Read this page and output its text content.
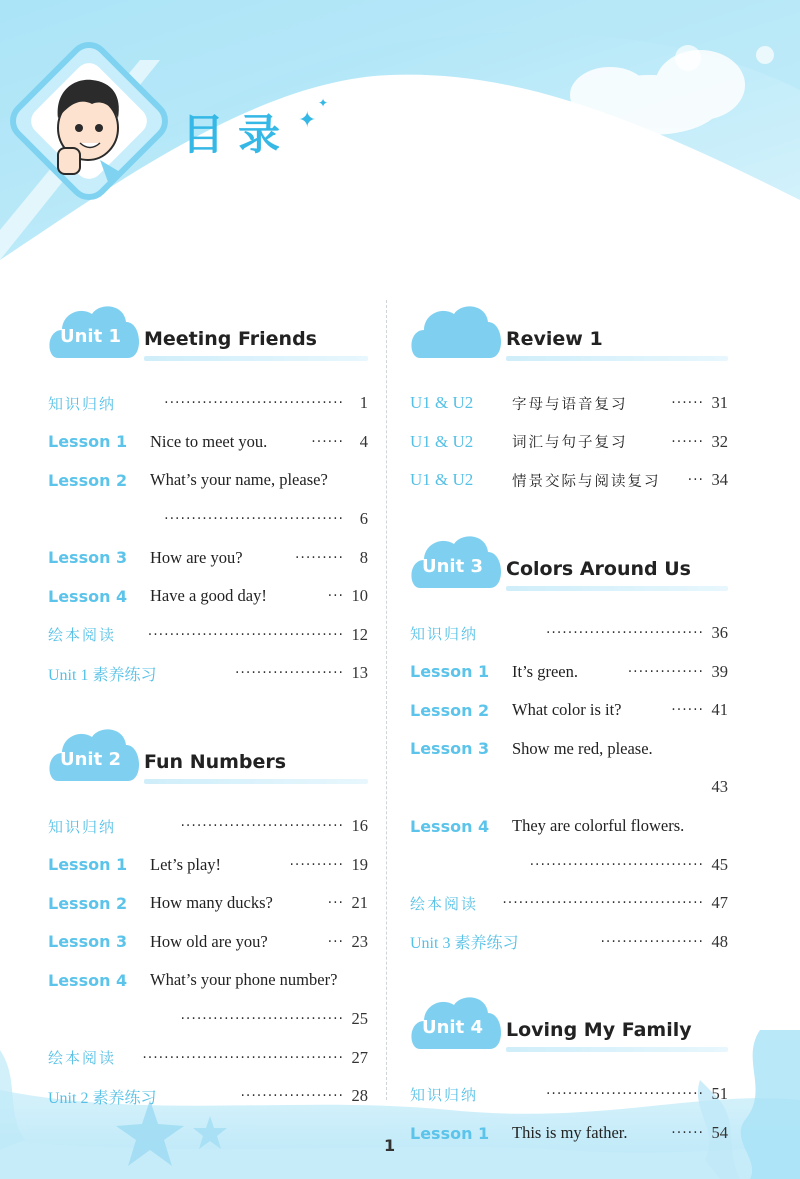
目录 ✦
✦
Unit 1 Meeting Friends
知识归纳	································· 1
Lesson 1	Nice to meet you.	······ 4
Lesson 2	What’s your name, please?
································· 6
Lesson 3	How are you?	········· 8
Lesson 4	Have a good day!	··· 10
绘本阅读	···································· 12
Unit 1 素养练习	···················· 13
Unit 2 Fun Numbers
知识归纳	······························ 16
Lesson 1	Let’s play!	·········· 19
Lesson 2	How many ducks?	··· 21
Lesson 3	How old are you?	··· 23
Lesson 4	What’s your phone number?
······························ 25
绘本阅读	····································· 27
Unit 2 素养练习	··················· 28
Review 1
U1 & U2	字母与语音复习	······ 31
U1 & U2	词汇与句子复习	······ 32
U1 & U2	情景交际与阅读复习	··· 34
Unit 3 Colors Around Us
知识归纳	····························· 36
Lesson 1	It’s green.	·············· 39
Lesson 2	What color is it?	······ 41
Lesson 3	Show me red, please.
43
Lesson 4	They are colorful flowers.
································ 45
绘本阅读	····································· 47
Unit 3 素养练习	··················· 48
Unit 4 Loving My Family
知识归纳	····························· 51
Lesson 1	This is my father.	······ 54
1
